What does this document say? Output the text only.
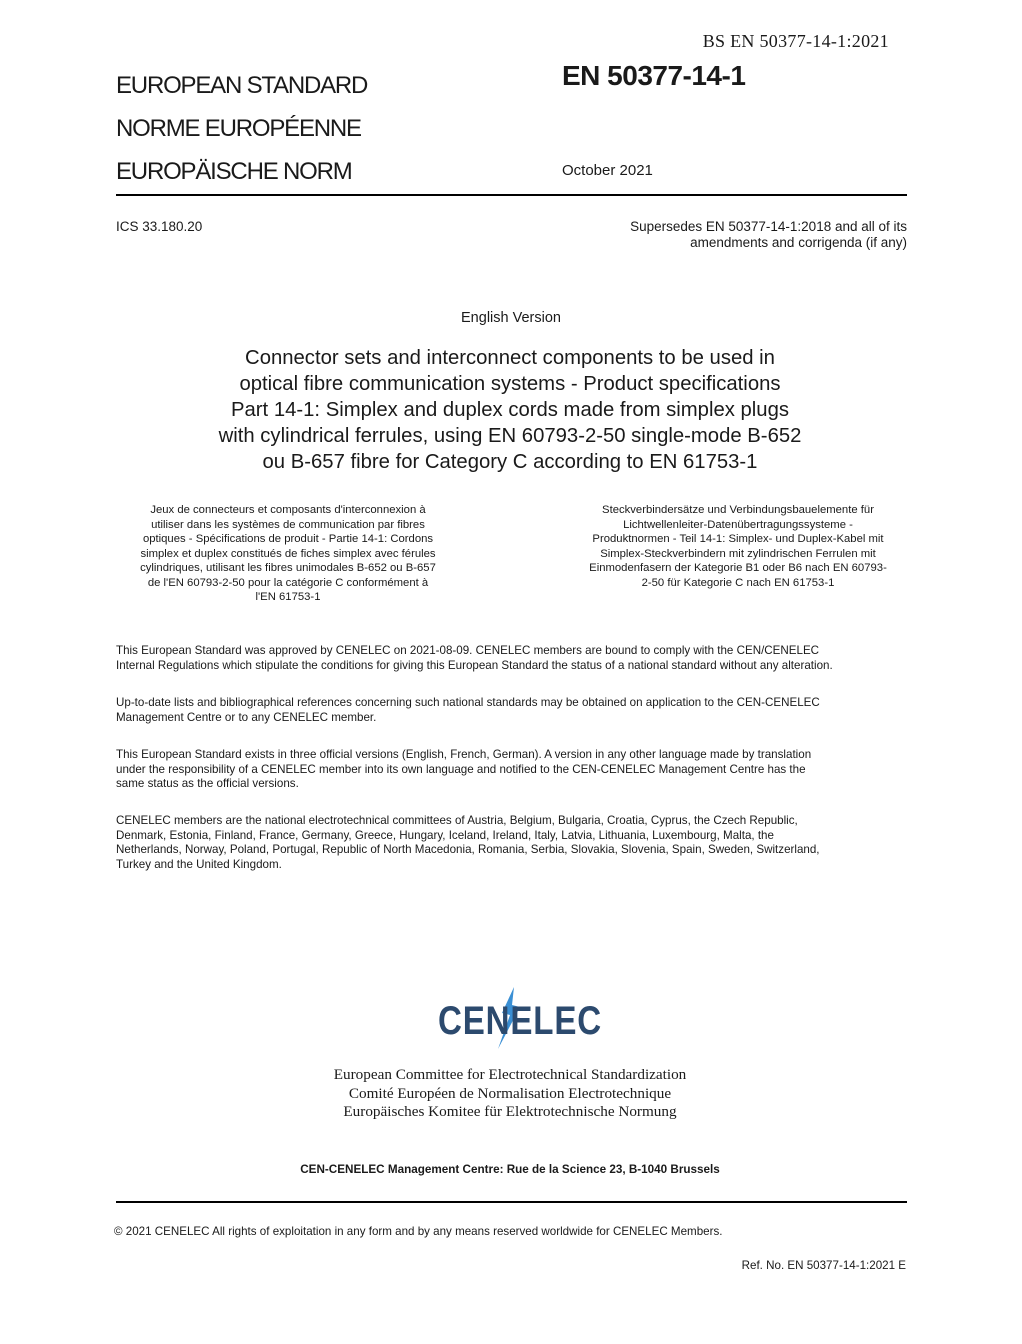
BS EN 50377-14-1:2021
EUROPEAN STANDARD
NORME EUROPÉENNE
EUROPÄISCHE NORM
EN 50377-14-1
October 2021
ICS 33.180.20	Supersedes EN 50377-14-1:2018 and all of its
amendments and corrigenda (if any)
English Version
Connector sets and interconnect components to be used in
optical fibre communication systems - Product specifications
Part 14-1: Simplex and duplex cords made from simplex plugs
with cylindrical ferrules, using EN 60793-2-50 single-mode B-652
ou B-657 fibre for Category C according to EN 61753-1
Jeux de connecteurs et composants d'interconnexion à
utiliser dans les systèmes de communication par fibres
optiques - Spécifications de produit - Partie 14-1: Cordons
simplex et duplex constitués de fiches simplex avec férules
cylindriques, utilisant les fibres unimodales B-652 ou B-657
de l'EN 60793-2-50 pour la catégorie C conformément à
l'EN 61753-1
Steckverbindersätze und Verbindungsbauelemente für
Lichtwellenleiter-Datenübertragungssysteme -
Produktnormen - Teil 14-1: Simplex- und Duplex-Kabel mit
Simplex-Steckverbindern mit zylindrischen Ferrulen mit
Einmodenfasern der Kategorie B1 oder B6 nach EN 60793-
2-50 für Kategorie C nach EN 61753-1
This European Standard was approved by CENELEC on 2021-08-09. CENELEC members are bound to comply with the CEN/CENELEC
Internal Regulations which stipulate the conditions for giving this European Standard the status of a national standard without any alteration.
Up-to-date lists and bibliographical references concerning such national standards may be obtained on application to the CEN-CENELEC
Management Centre or to any CENELEC member.
This European Standard exists in three official versions (English, French, German). A version in any other language made by translation
under the responsibility of a CENELEC member into its own language and notified to the CEN-CENELEC Management Centre has the
same status as the official versions.
CENELEC members are the national electrotechnical committees of Austria, Belgium, Bulgaria, Croatia, Cyprus, the Czech Republic,
Denmark, Estonia, Finland, France, Germany, Greece, Hungary, Iceland, Ireland, Italy, Latvia, Lithuania, Luxembourg, Malta, the
Netherlands, Norway, Poland, Portugal, Republic of North Macedonia, Romania, Serbia, Slovakia, Slovenia, Spain, Sweden, Switzerland,
Turkey and the United Kingdom.
CENELEC
European Committee for Electrotechnical Standardization
Comité Européen de Normalisation Electrotechnique
Europäisches Komitee für Elektrotechnische Normung
CEN-CENELEC Management Centre: Rue de la Science 23, B-1040 Brussels
© 2021 CENELEC All rights of exploitation in any form and by any means reserved worldwide for CENELEC Members.
Ref. No. EN 50377-14-1:2021 E
